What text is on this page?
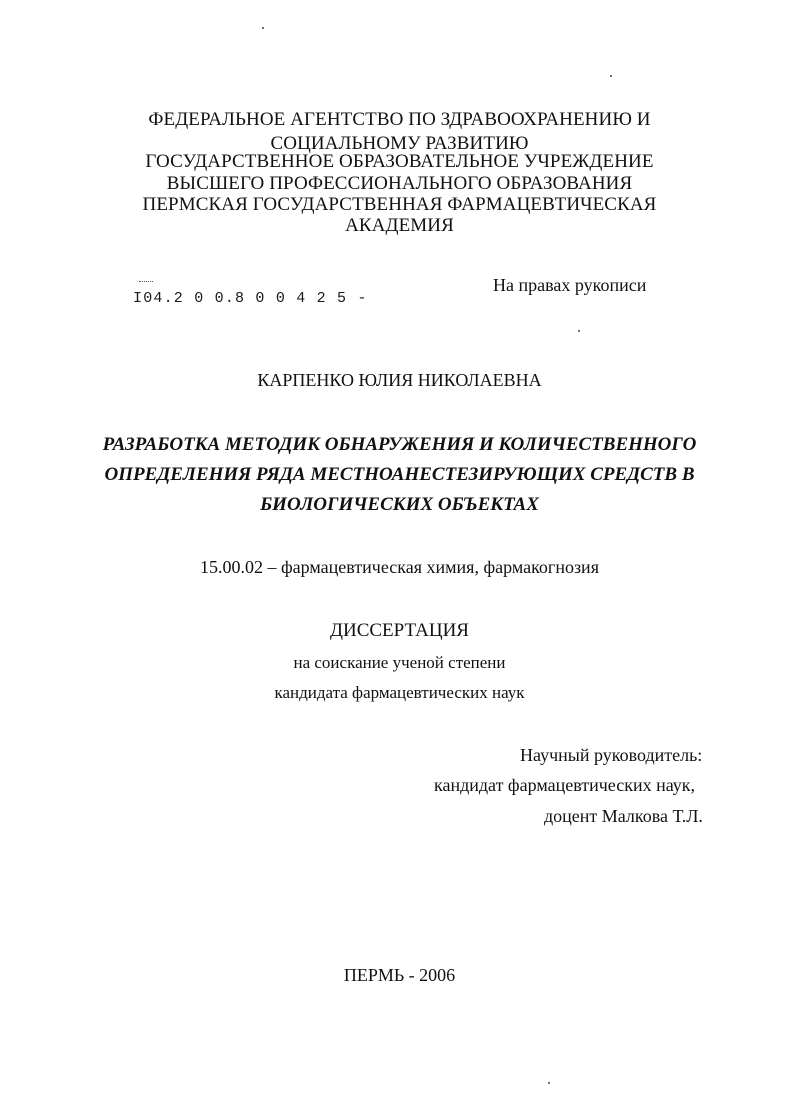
ФЕДЕРАЛЬНОЕ АГЕНТСТВО ПО ЗДРАВООХРАНЕНИЮ И
СОЦИАЛЬНОМУ РАЗВИТИЮ
ГОСУДАРСТВЕННОЕ ОБРАЗОВАТЕЛЬНОЕ УЧРЕЖДЕНИЕ
ВЫСШЕГО ПРОФЕССИОНАЛЬНОГО ОБРАЗОВАНИЯ
ПЕРМСКАЯ ГОСУДАРСТВЕННАЯ ФАРМАЦЕВТИЧЕСКАЯ
АКАДЕМИЯ
I04.2 0 0.8 0 0 4 2 5 -
На правах рукописи
КАРПЕНКО ЮЛИЯ НИКОЛАЕВНА
РАЗРАБОТКА МЕТОДИК ОБНАРУЖЕНИЯ И КОЛИЧЕСТВЕННОГО
ОПРЕДЕЛЕНИЯ РЯДА МЕСТНОАНЕСТЕЗИРУЮЩИХ СРЕДСТВ В
БИОЛОГИЧЕСКИХ ОБЪЕКТАХ
15.00.02 – фармацевтическая химия, фармакогнозия
ДИССЕРТАЦИЯ
на соискание ученой степени
кандидата фармацевтических наук
Научный руководитель:
кандидат фармацевтических наук,
доцент Малкова Т.Л.
ПЕРМЬ - 2006
